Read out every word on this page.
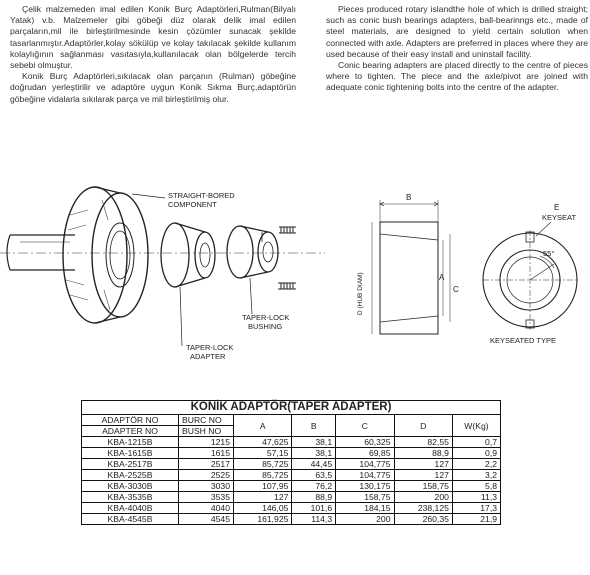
Çelik malzemeden imal edilen Konik Burç Adaptörleri,Rulman(Bilyalı Yatak) v.b. Malzemeler gibi göbeği düz olarak delik imal edilen parçaların,mil ile birleştirilmesinde kesin çözümler sunacak şekilde tasarlanmıştır.Adaptörler,kolay sökülüp ve kolay takılacak şekilde kullanım kolaylığının sağlanması vasıtasıyla,kullanılacak olan bölgelerde tercih sebebi olmuştur.

Konik Burç Adaptörleri,sıkılacak olan parçanın (Rulman) göbeğine doğrudan yerleştirilir ve adaptöre uygun Konik Sıkma Burç,adaptörün göbeğine vidalarla sıkılarak parça ve mil birleştirilmiş olur.

Pieces produced rotary islandthe hole of which is drilled straight; such as conic bush bearings adapters, ball-bearinngs etc., made of steel materials, are designed to yield certain solution when connected with axle. Adapters are preferred in places where they are used because of their easy install and uninstall facility.

Conic bearing adapters are placed directly to the centre of pieces where to tighten. The piece and the axle/pivot are joined with adequate conic tightening bolts into the centre of the adapter.

STRAIGHT-BORED
COMPONENT
TAPER-LOCK
BUSHING
TAPER-LOCK
ADAPTER
B
D (HUB DIAM)	A
C
E
KEYSEAT
55°
KEYSEATED TYPE
KONİK ADAPTÖR(TAPER ADAPTER)						
ADAPTÖR NO	BURC NO	A	B	C	D	W(Kg)
ADAPTER NO	BUSH NO					
KBA-1215B	1215	47,625	38,1	60,325	82,55	0,7
KBA-1615B	1615	57,15	38,1	69,85	88,9	0,9
KBA-2517B	2517	85,725	44,45	104,775	127	2,2
KBA-2525B	2525	85,725	63,5	104,775	127	3,2
KBA-3030B	3030	107,95	76,2	130,175	158,75	5,8
KBA-3535B	3535	127	88,9	158,75	200	11,3
KBA-4040B	4040	146,05	101,6	184,15	238,125	17,3
KBA-4545B	4545	161,925	114,3	200	260,35	21,9
